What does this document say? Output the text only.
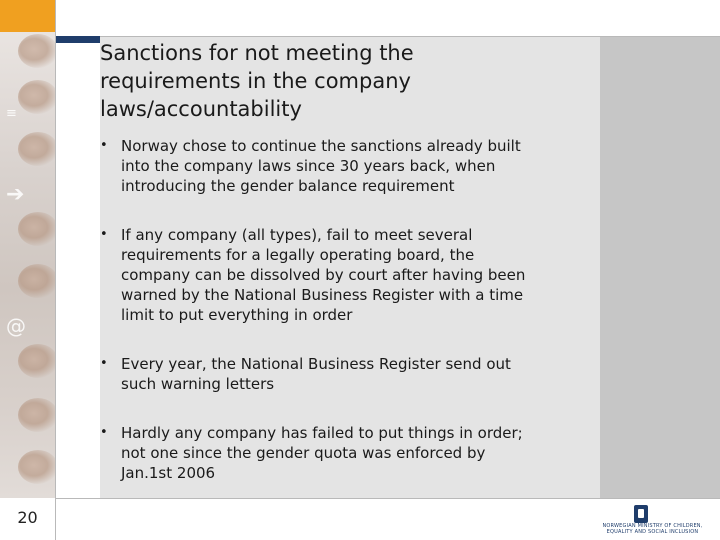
≡
➔
@
20
Sanctions for not meeting the
requirements in the company
laws/accountability
• Norway chose to continue the sanctions already built
into the company laws since 30 years back, when
introducing the gender balance requirement
• If any company (all types), fail to meet several
requirements for a legally operating board, the
company can be dissolved by court after having been
warned by the National Business Register with a time
limit to put everything in order
• Every year, the National Business Register send out
such warning letters
• Hardly any company has failed to put things in order;
not one since the gender quota was enforced by
Jan.1st 2006
NORWEGIAN MINISTRY OF CHILDREN,
EQUALITY AND SOCIAL INCLUSION
